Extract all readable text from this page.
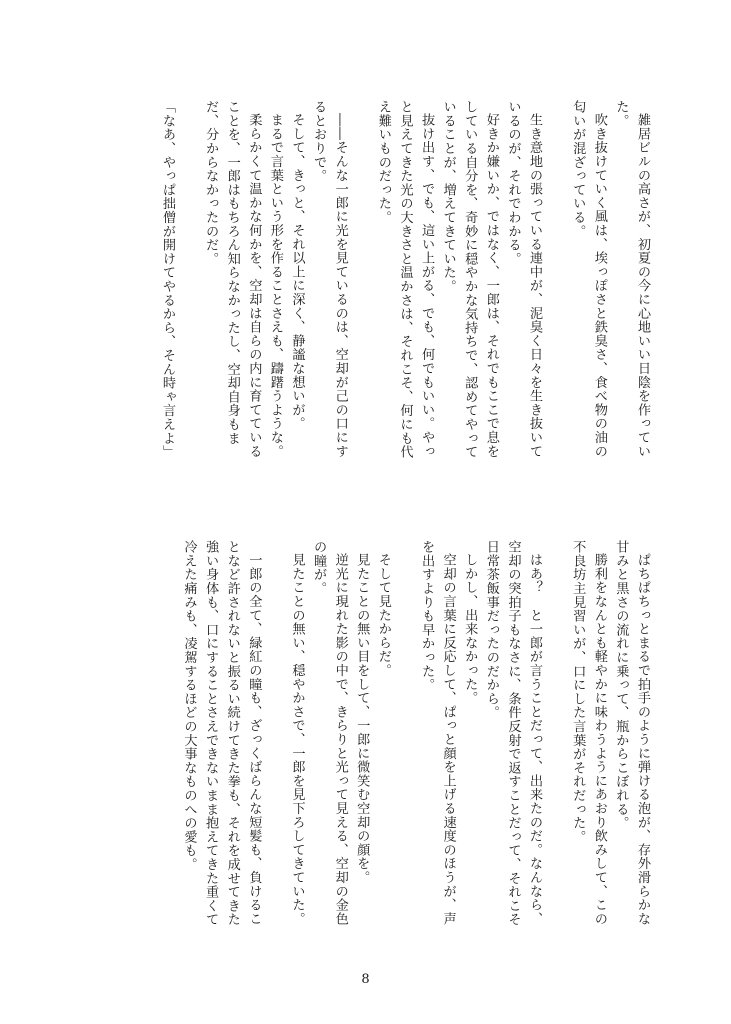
雑居ビルの高さが、初夏の今に心地いい日陰を作っていた。

吹き抜けていく風は、埃っぽさと鉄臭さ、食べ物の油の匂いが混ざっている。

生き意地の張っている連中が、泥臭く日々を生き抜いているのが、それでわかる。

好きか嫌いか、ではなく、一郎は、それでもここで息をしている自分を、奇妙に穏やかな気持ちで、認めてやっていることが、増えてきていた。

抜け出す、でも、這い上がる、でも、何でもいい。やっと見えてきた光の大きさと温かさは、それこそ、何にも代え難いものだった。

――そんな一郎に光を見ているのは、空却が己の口にするとおりで。

そして、きっと、それ以上に深く、静謐な想いが。

まるで言葉という形を作ることさえも、躊躇うような。

柔らかくて温かな何かを、空却は自らの内に育てていることを、一郎はもちろん知らなかったし、空却自身もまだ、分からなかったのだ。

「なあ、やっぱ拙僧が開けてやるから、そん時ゃ言えよ」

ぱちぱちっとまるで拍手のように弾ける泡が、存外滑らかな甘みと黒さの流れに乗って、瓶からこぼれる。

勝利をなんとも軽やかに味わうようにあおり飲みして、この不良坊主見習いが、口にした言葉がそれだった。

はあ？　と一郎が言うことだって、出来たのだ。なんなら、空却の突拍子もなさに、条件反射で返すことだって、それこそ日常茶飯事だったのだから。

しかし、出来なかった。

空却の言葉に反応して、ぱっと顔を上げる速度のほうが、声を出すよりも早かった。

そして見たからだ。

見たことの無い目をして、一郎に微笑む空却の顔を。

逆光に現れた影の中で、きらりと光って見える、空却の金色の瞳が。

見たことの無い、穏やかさで、一郎を見下ろしてきていた。

一郎の全て、緑紅の瞳も、ざっくばらんな短髪も、負けることなど許されないと振るい続けてきた拳も、それを成せてきた強い身体も、口にすることさえできないまま抱えてきた重くて冷えた痛みも、凌駕するほどの大事なものへの愛も。

8
